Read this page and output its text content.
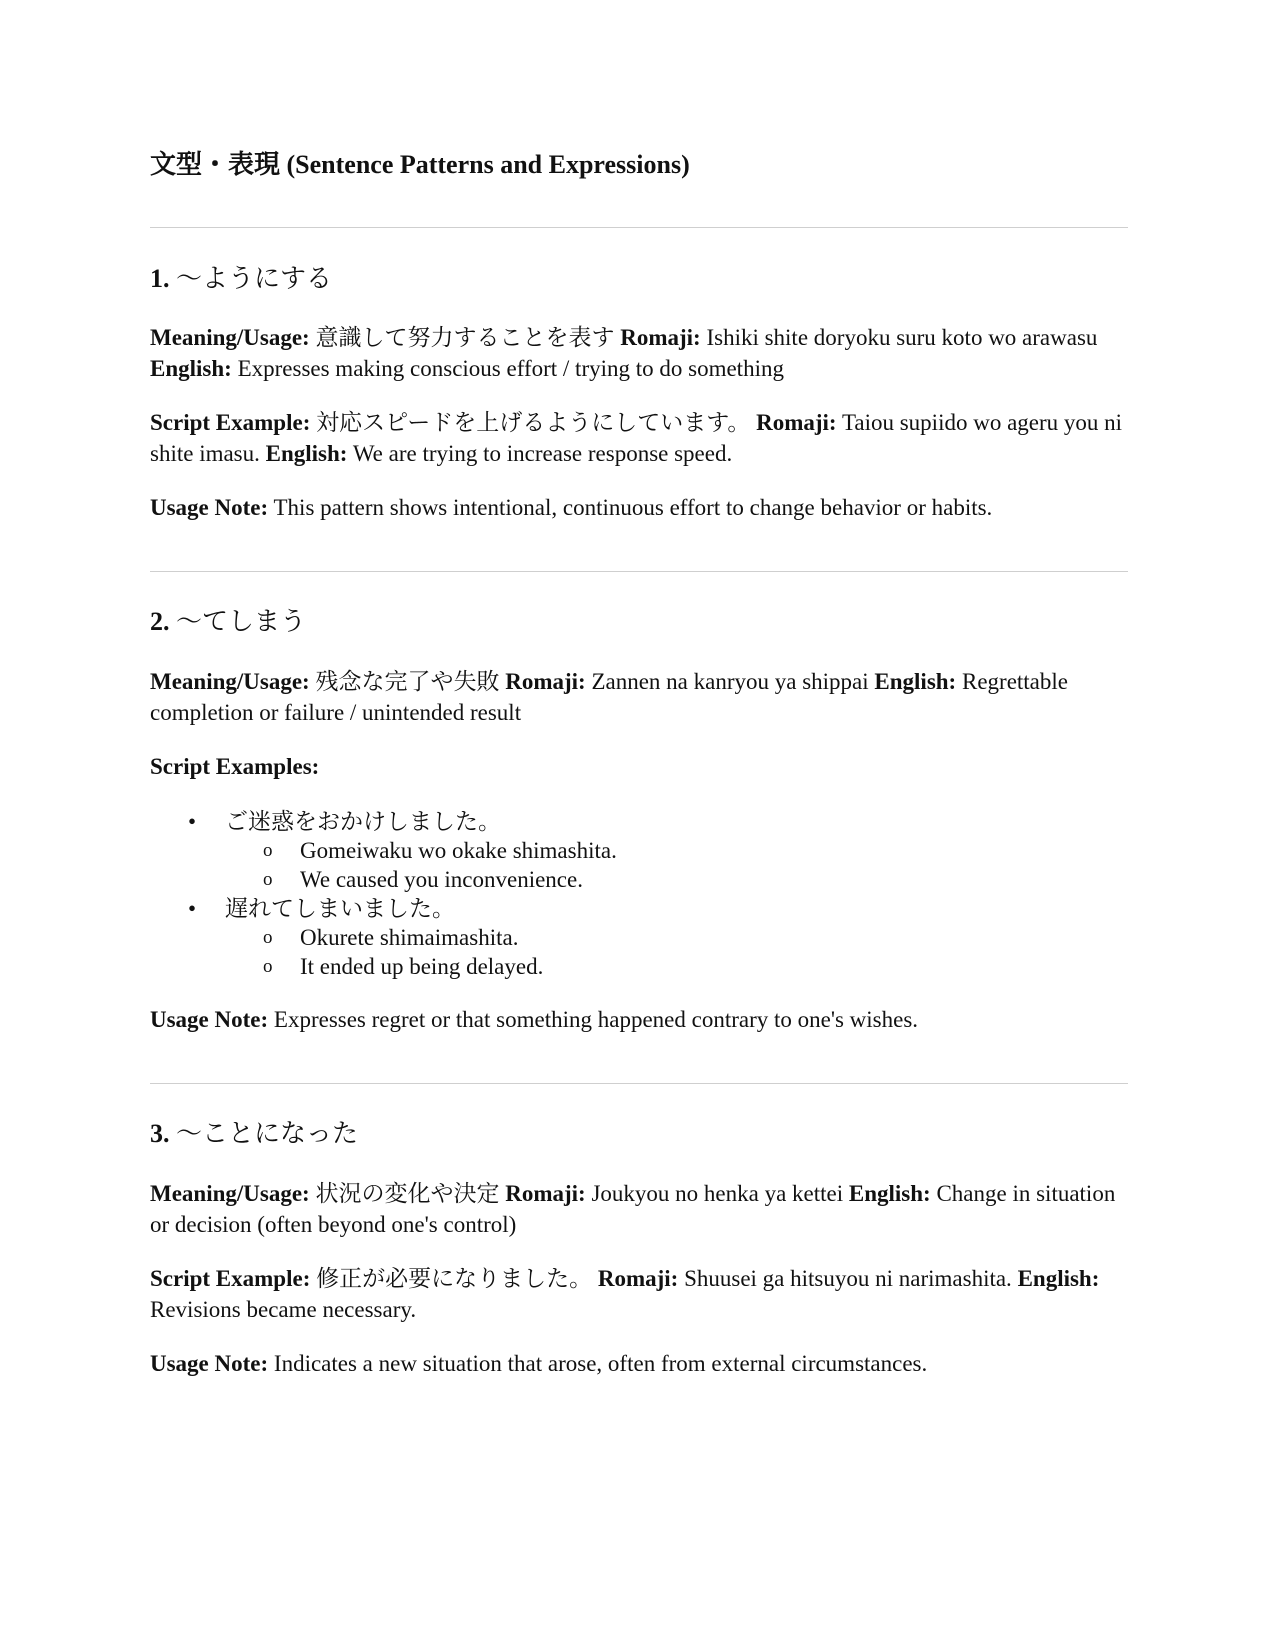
文型・表現 (Sentence Patterns and Expressions)
1. 〜ようにする

Meaning/Usage: 意識して努力することを表す Romaji: Ishiki shite doryoku suru koto wo arawasu English: Expresses making conscious effort / trying to do something

Script Example: 対応スピードを上げるようにしています。 Romaji: Taiou supiido wo ageru you ni shite imasu. English: We are trying to increase response speed.

Usage Note: This pattern shows intentional, continuous effort to change behavior or habits.

2. 〜てしまう

Meaning/Usage: 残念な完了や失敗 Romaji: Zannen na kanryou ya shippai English: Regrettable completion or failure / unintended result

Script Examples:

• ご迷惑をおかけしました。
o Gomeiwaku wo okake shimashita.
o We caused you inconvenience.
• 遅れてしまいました。
o Okurete shimaimashita.
o It ended up being delayed.

Usage Note: Expresses regret or that something happened contrary to one's wishes.

3. 〜ことになった

Meaning/Usage: 状況の変化や決定 Romaji: Joukyou no henka ya kettei English: Change in situation or decision (often beyond one's control)

Script Example: 修正が必要になりました。 Romaji: Shuusei ga hitsuyou ni narimashita. English: Revisions became necessary.

Usage Note: Indicates a new situation that arose, often from external circumstances.
